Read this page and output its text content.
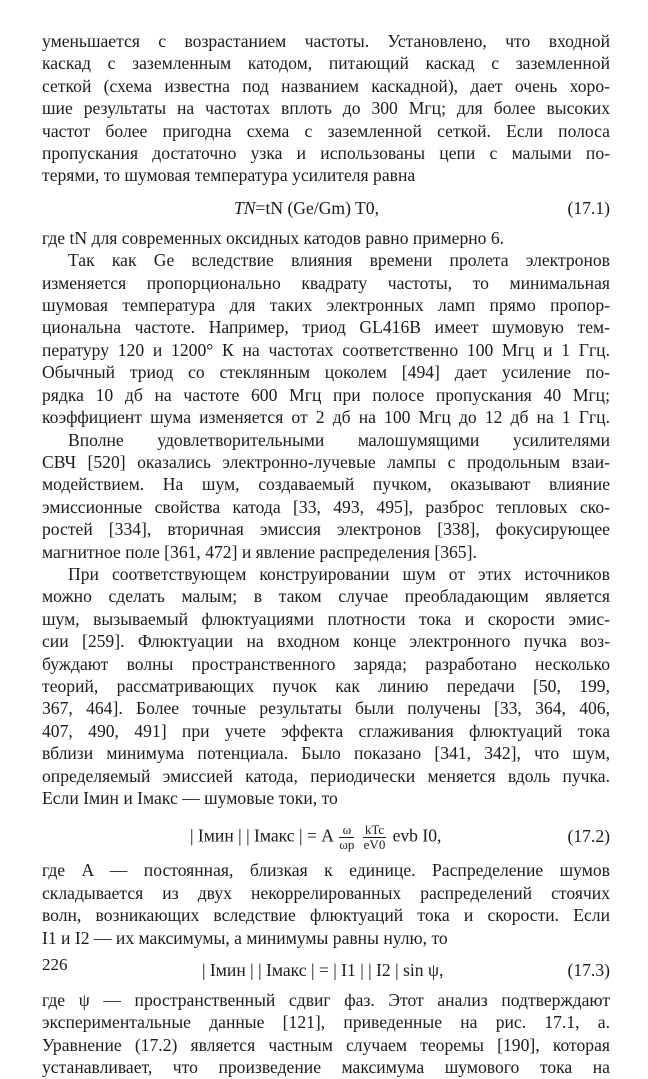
уменьшается с возрастанием частоты. Установлено, что входной
каскад с заземленным катодом, питающий каскад с заземленной
сеткой (схема известна под названием каскадной), дает очень хоро-
шие результаты на частотах вплоть до 300 Мгц; для более высоких
частот более пригодна схема с заземленной сеткой. Если полоса
пропускания достаточно узка и использованы цепи с малыми по-
терями, то шумовая температура усилителя равна
TN=tN (Ge/Gm) T0,	(17.1)
где tN для современных оксидных катодов равно примерно 6.
Так как Ge вследствие влияния времени пролета электронов
изменяется пропорционально квадрату частоты, то минимальная
шумовая температура для таких электронных ламп прямо пропор-
циональна частоте. Например, триод GL416B имеет шумовую тем-
пературу 120 и 1200° К на частотах соответственно 100 Мгц и 1 Ггц.
Обычный триод со стеклянным цоколем [494] дает усиление по-
рядка 10 дб на частоте 600 Мгц при полосе пропускания 40 Мгц;
коэффициент шума изменяется от 2 дб на 100 Мгц до 12 дб на 1 Ггц.
Вполне удовлетворительными малошумящими усилителями
СВЧ [520] оказались электронно-лучевые лампы с продольным взаи-
модействием. На шум, создаваемый пучком, оказывают влияние
эмиссионные свойства катода [33, 493, 495], разброс тепловых ско-
ростей [334], вторичная эмиссия электронов [338], фокусирующее
магнитное поле [361, 472] и явление распределения [365].
При соответствующем конструировании шум от этих источников
можно сделать малым; в таком случае преобладающим является
шум, вызываемый флюктуациями плотности тока и скорости эмис-
сии [259]. Флюктуации на входном конце электронного пучка воз-
буждают волны пространственного заряда; разработано несколько
теорий, рассматривающих пучок как линию передачи [50, 199,
367, 464]. Более точные результаты были получены [33, 364, 406,
407, 490, 491] при учете эффекта сглаживания флюктуаций тока
вблизи минимума потенциала. Было показано [341, 342], что шум,
определяемый эмиссией катода, периодически меняется вдоль пучка.
Если Iмин и Iмакс — шумовые токи, то
| Iмин | | Iмакс | = A $\frac{\omega}{\omega p}$
$\frac{\text{kTc}}{eV0}$ evb I0,	(17.2)
где A — постоянная, близкая к единице. Распределение шумов
складывается из двух некоррелированных распределений стоячих
волн, возникающих вследствие флюктуаций тока и скорости. Если
I1 и I2 — их максимумы, а минимумы равны нулю, то
| Iмин | | Iмакс | = | I1 | | I2 | sin ψ,	(17.3)
где ψ — пространственный сдвиг фаз. Этот анализ подтверждают
экспериментальные данные [121], приведенные на рис. 17.1, а.
Уравнение (17.2) является частным случаем теоремы [190], которая
устанавливает, что произведение максимума шумового тока на
226
